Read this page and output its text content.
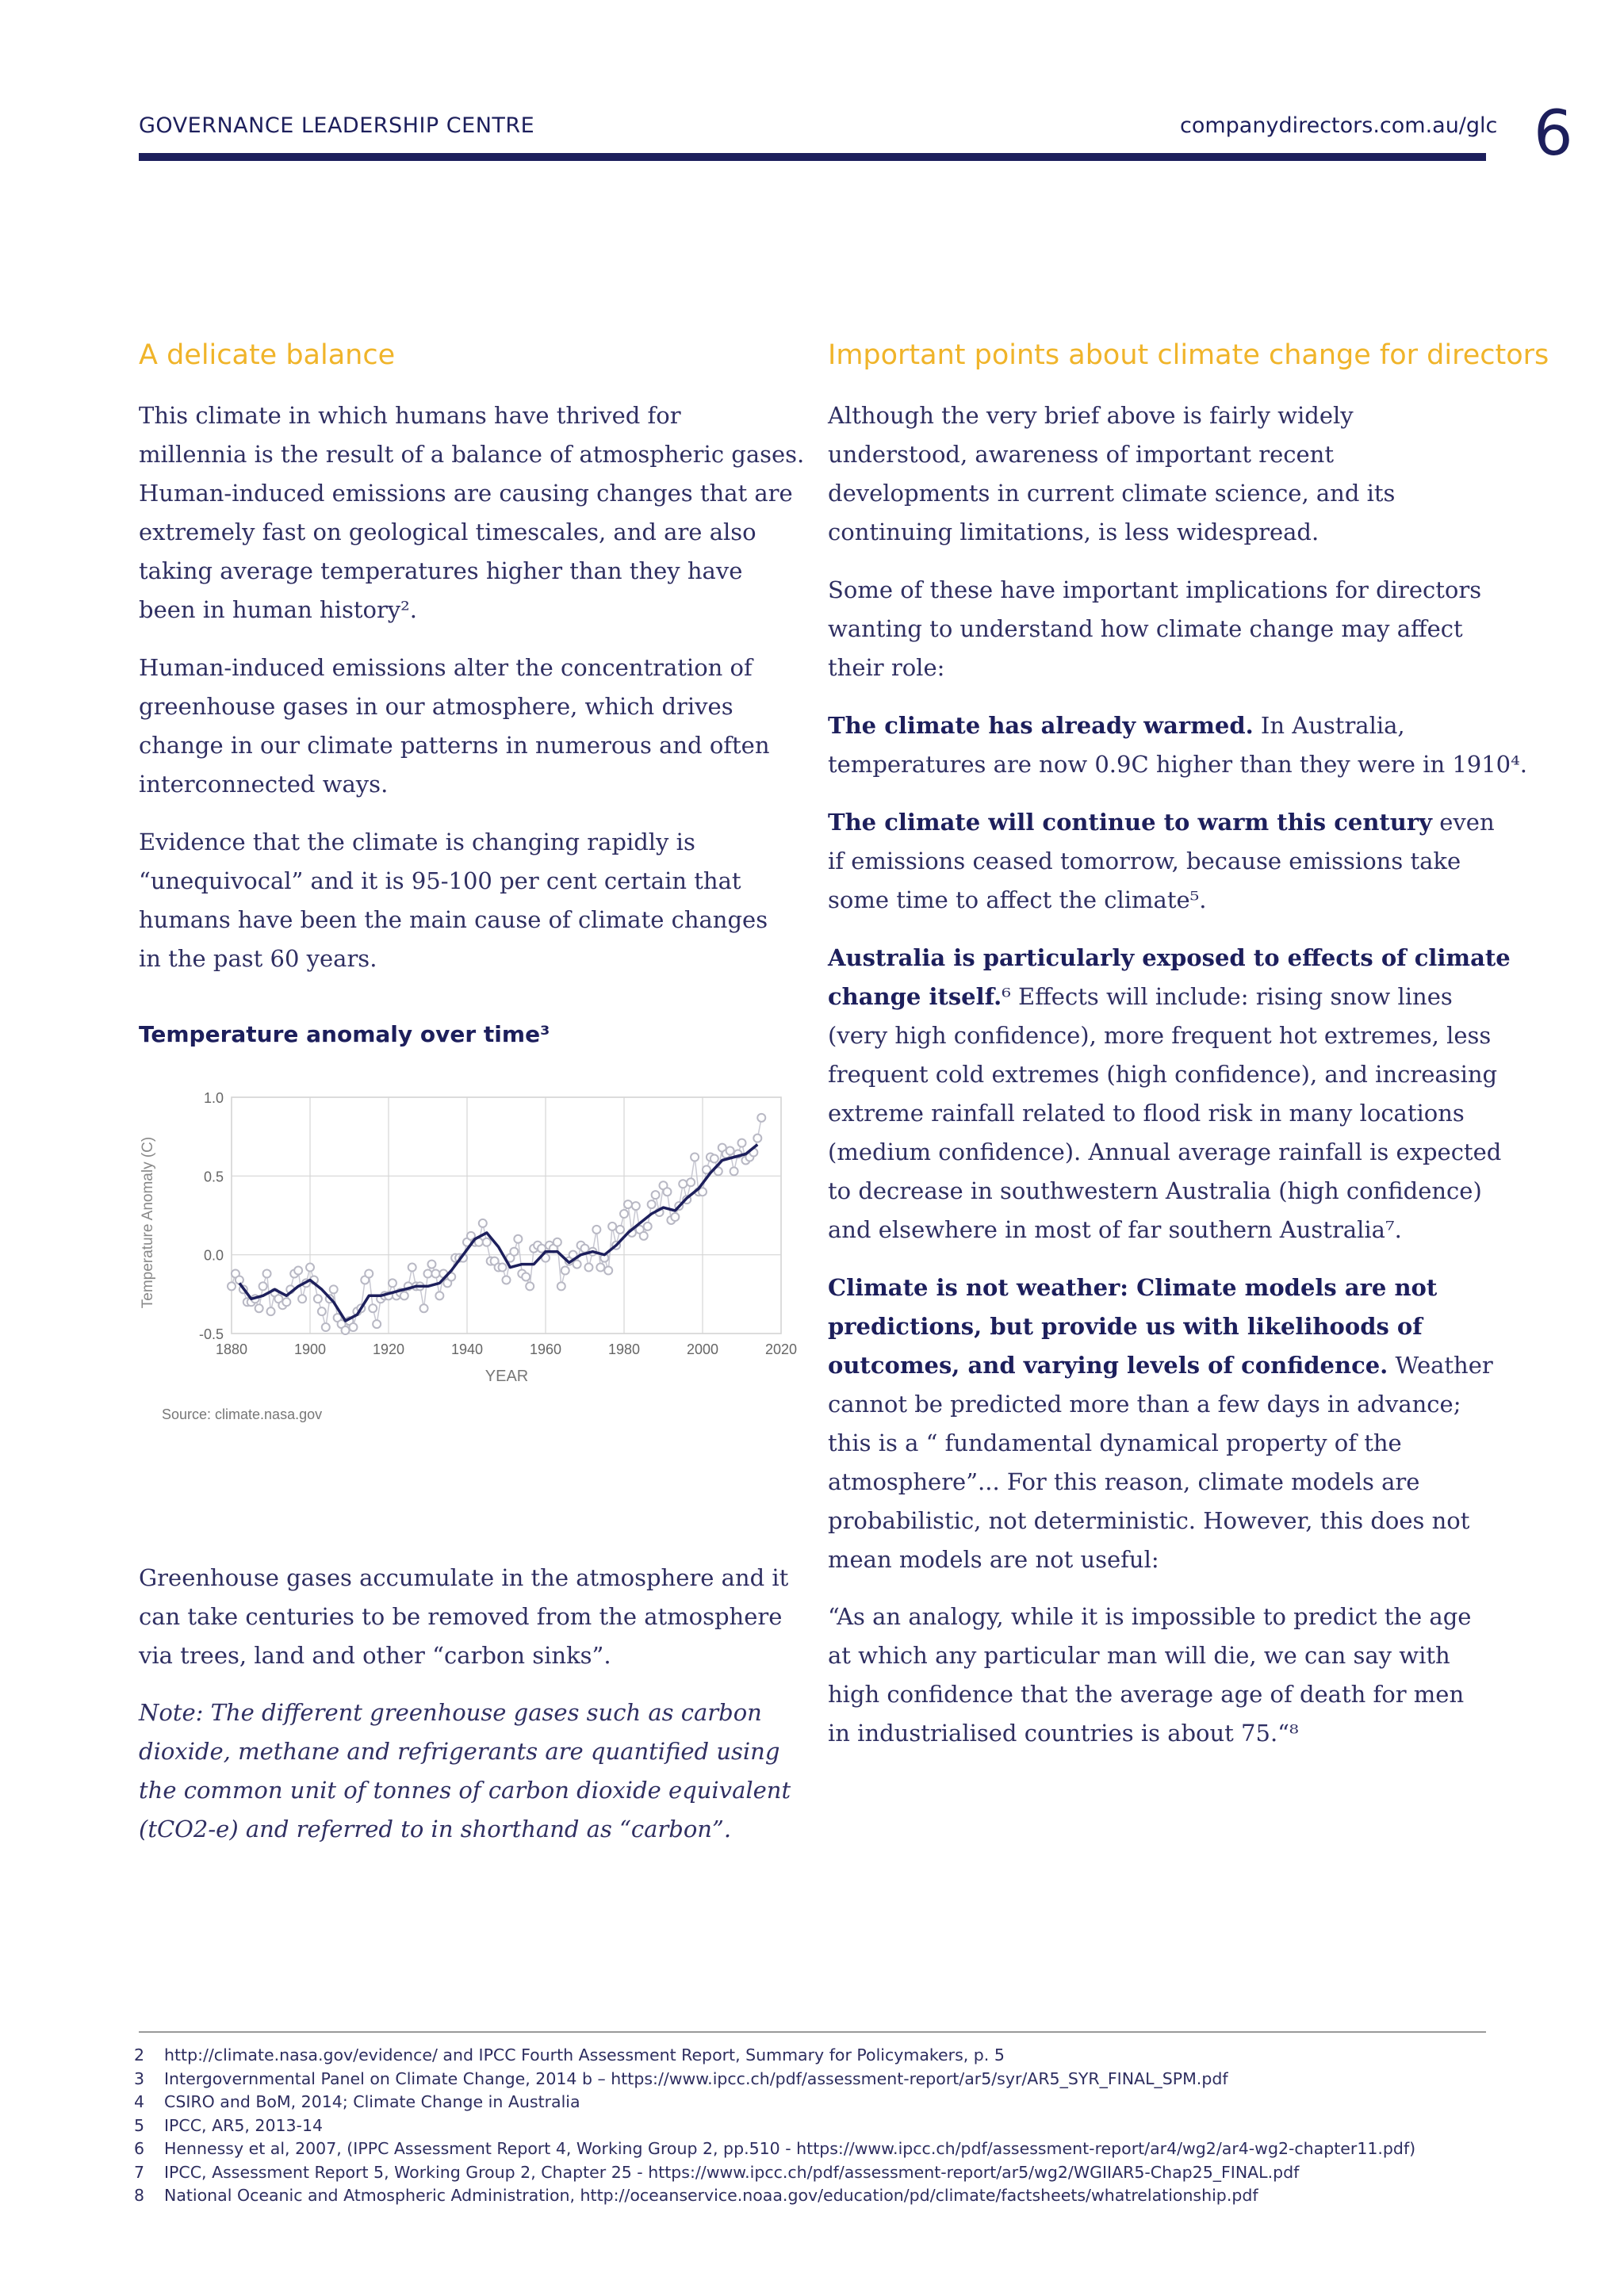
GOVERNANCE LEADERSHIP CENTRE	companydirectors.com.au/glc 6
A delicate balance
This climate in which humans have thrived for
millennia is the result of a balance of atmospheric gases.
Human-induced emissions are causing changes that are
extremely fast on geological timescales, and are also
taking average temperatures higher than they have
been in human history².
Human-induced emissions alter the concentration of
greenhouse gases in our atmosphere, which drives
change in our climate patterns in numerous and often
interconnected ways.
Evidence that the climate is changing rapidly is
“unequivocal” and it is 95-100 per cent certain that
humans have been the main cause of climate changes
in the past 60 years.
Temperature anomaly over time³
1880	1900	1920	1940	1960	1980	2000	2020
1.0
0.5
0.0
-0.5
YEAR
Temperature Anomaly (C)
Source: climate.nasa.gov
Greenhouse gases accumulate in the atmosphere and it
can take centuries to be removed from the atmosphere
via trees, land and other “carbon sinks”.
Note: The different greenhouse gases such as carbon
dioxide, methane and refrigerants are quantified using
the common unit of tonnes of carbon dioxide equivalent
(tCO2-e) and referred to in shorthand as “carbon”.
Important points about climate change for directors
Although the very brief above is fairly widely
understood, awareness of important recent
developments in current climate science, and its
continuing limitations, is less widespread.
Some of these have important implications for directors
wanting to understand how climate change may affect
their role:
The climate has already warmed. In Australia,
temperatures are now 0.9C higher than they were in 1910⁴.
The climate will continue to warm this century even
if emissions ceased tomorrow, because emissions take
some time to affect the climate⁵.
Australia is particularly exposed to effects of climate
change itself.⁶ Effects will include: rising snow lines
(very high confidence), more frequent hot extremes, less
frequent cold extremes (high confidence), and increasing
extreme rainfall related to flood risk in many locations
(medium confidence). Annual average rainfall is expected
to decrease in southwestern Australia (high confidence)
and elsewhere in most of far southern Australia⁷.
Climate is not weather: Climate models are not
predictions, but provide us with likelihoods of
outcomes, and varying levels of confidence. Weather
cannot be predicted more than a few days in advance;
this is a “ fundamental dynamical property of the
atmosphere”... For this reason, climate models are
probabilistic, not deterministic. However, this does not
mean models are not useful:
“As an analogy, while it is impossible to predict the age
at which any particular man will die, we can say with
high confidence that the average age of death for men
in industrialised countries is about 75.“⁸
2 http://climate.nasa.gov/evidence/ and IPCC Fourth Assessment Report, Summary for Policymakers, p. 5
3 Intergovernmental Panel on Climate Change, 2014 b – https://www.ipcc.ch/pdf/assessment-report/ar5/syr/AR5_SYR_FINAL_SPM.pdf
4 CSIRO and BoM, 2014; Climate Change in Australia
5 IPCC, AR5, 2013-14
6 Hennessy et al, 2007, (IPPC Assessment Report 4, Working Group 2, pp.510 - https://www.ipcc.ch/pdf/assessment-report/ar4/wg2/ar4-wg2-chapter11.pdf)
7 IPCC, Assessment Report 5, Working Group 2, Chapter 25 - https://www.ipcc.ch/pdf/assessment-report/ar5/wg2/WGIIAR5-Chap25_FINAL.pdf
8 National Oceanic and Atmospheric Administration, http://oceanservice.noaa.gov/education/pd/climate/factsheets/whatrelationship.pdf
